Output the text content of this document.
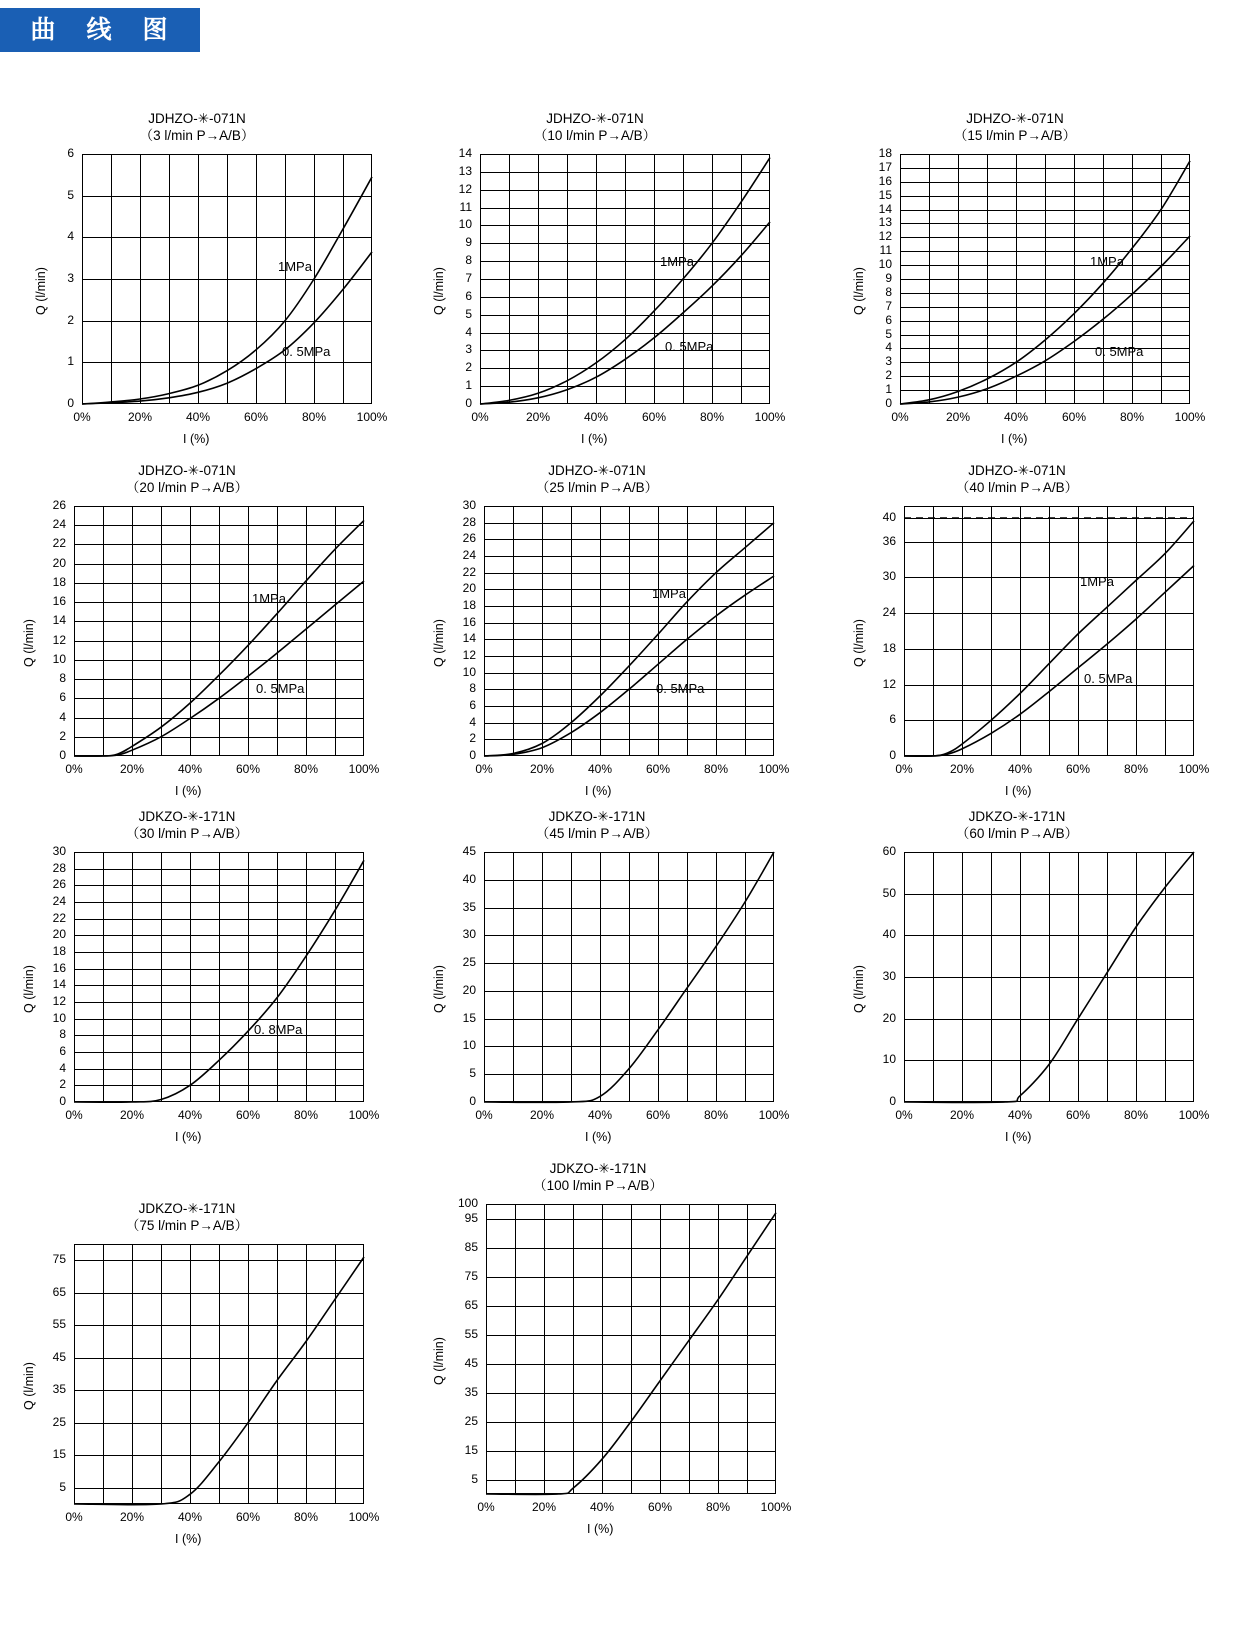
曲 线 图
JDHZO-✳-071N
（3 l/min P→A/B）
0
1
2
3
4
5
6
0%	20%	40%	60%	80%	100%
Q (l/min)
I (%)
1MPa
0. 5MPa
JDHZO-✳-071N
（10 l/min P→A/B）
0
1
2
3
4
5
6
7
8
9
10
11
12
13
14
0%	20%	40%	60%	80%	100%
Q (l/min)
I (%)
1MPa
0. 5MPa
JDHZO-✳-071N
（15 l/min P→A/B）
0
1
2
3
4
5
6
7
8
9
10
11
12
13
14
15
16
17
18
0%	20%	40%	60%	80%	100%
Q (l/min)
I (%)
1MPa
0. 5MPa
JDHZO-✳-071N
（20 l/min P→A/B）
0
2
4
6
8
10
12
14
16
18
20
22
24
26
0%	20%	40%	60%	80%	100%
Q (l/min)
I (%)
1MPa
0. 5MPa
JDHZO-✳-071N
（25 l/min P→A/B）
0
2
4
6
8
10
12
14
16
18
20
22
24
26
28
30
0%	20%	40%	60%	80%	100%
Q (l/min)
I (%)
1MPa
0. 5MPa
JDHZO-✳-071N
（40 l/min P→A/B）
0
6
12
18
24
30
36
40
0%	20%	40%	60%	80%	100%
Q (l/min)
I (%)
1MPa
0. 5MPa
JDKZO-✳-171N
（30 l/min P→A/B）
0
2
4
6
8
10
12
14
16
18
20
22
24
26
28
30
0%	20%	40%	60%	80%	100%
Q (l/min)
I (%)
0. 8MPa
JDKZO-✳-171N
（45 l/min P→A/B）
0
5
10
15
20
25
30
35
40
45
0%	20%	40%	60%	80%	100%
Q (l/min)
I (%)
JDKZO-✳-171N
（60 l/min P→A/B）
0
10
20
30
40
50
60
0%	20%	40%	60%	80%	100%
Q (l/min)
I (%)
JDKZO-✳-171N
（75 l/min P→A/B）
5
15
25
35
45
55
65
75
0%	20%	40%	60%	80%	100%
Q (l/min)
I (%)
JDKZO-✳-171N
（100 l/min P→A/B）
5
15
25
35
45
55
65
75
85
95
100
0%	20%	40%	60%	80%	100%
Q (l/min)
I (%)
